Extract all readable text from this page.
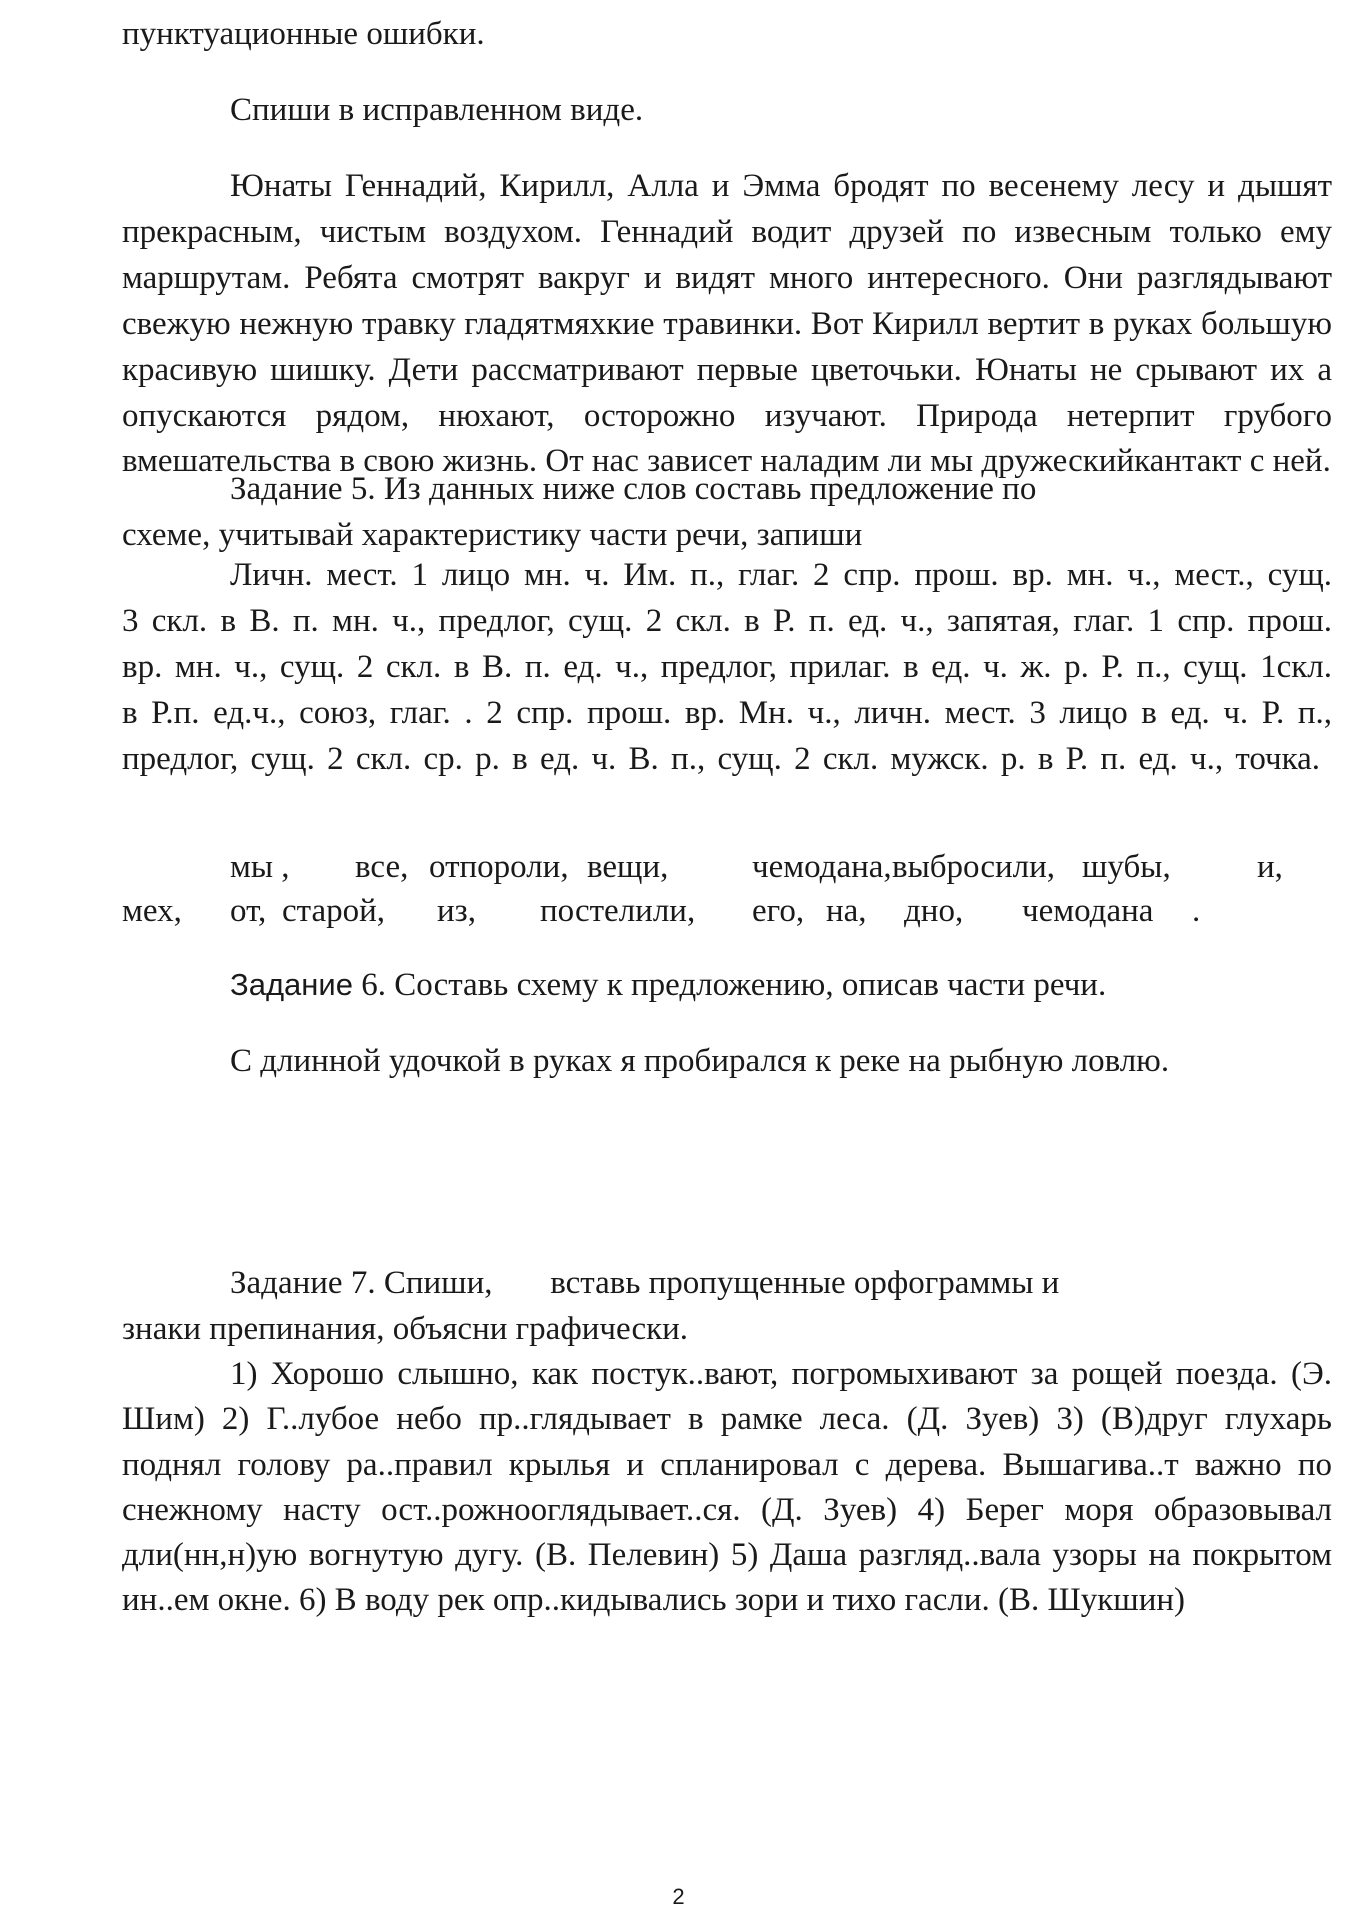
пунктуационные ошибки.
Спиши в исправленном виде.
Юнаты Геннадий, Кирилл, Алла и Эмма бродят по весенему лесу и дышят прекрасным, чистым воздухом. Геннадий водит друзей по извесным только ему маршрутам. Ребята смотрят вакруг и видят много интересного. Они разглядывают свежую нежную травку гладятмяхкие травинки. Вот Кирилл вертит в руках большую красивую шишку. Дети рассматривают первые цветочьки. Юнаты не срывают их а опускаются рядом, нюхают, осторожно изучают. Природа нетерпит грубого вмешательства в свою жизнь. От нас зависет наладим ли мы дружескийкантакт с ней.
Задание 5. Из данных ниже слов составь предложение по схеме, учитывай характеристику части речи, запиши
Личн. мест. 1 лицо мн. ч. Им. п., глаг. 2 спр. прош. вр. мн. ч., мест., сущ. 3 скл. в В. п. мн. ч., предлог, сущ. 2 скл. в Р. п. ед. ч., запятая, глаг. 1 спр. прош. вр. мн. ч., сущ. 2 скл. в В. п. ед. ч., предлог, прилаг. в ед. ч. ж. р. Р. п., сущ. 1скл. в Р.п. ед.ч., союз, глаг. . 2 спр. прош. вр. Мн. ч., личн. мест. 3 лицо в ед. ч. Р. п., предлог, сущ. 2 скл. ср. р. в ед. ч. В. п., сущ. 2 скл. мужск. р. в Р. п. ед. ч., точка.
мы , все, отпороли, вещи,	чемодана, выбросили, шубы,	и,
мех, от, старой, из, постелили, его, на, дно, чемодана .
Задание 6. Составь схему к предложению, описав части речи.
С длинной удочкой в руках я пробирался к реке на рыбную ловлю.
Задание 7. Спиши,       вставь пропущенные орфограммы и знаки препинания, объясни графически.
1) Хорошо слышно, как постук..вают, погромыхивают за рощей поезда. (Э. Шим) 2) Г..лубое небо пр..глядывает в рамке леса. (Д. Зуев) 3) (В)друг глухарь поднял голову ра..правил крылья и спланировал с дерева. Вышагива..т важно по снежному насту ост..рожнооглядывает..ся. (Д. Зуев) 4) Берег моря образовывал дли(нн,н)ую вогнутую дугу. (В. Пелевин) 5) Даша разгляд..вала узоры на покрытом ин..ем окне. 6) В воду рек опр..кидывались зори и тихо гасли. (В. Шукшин)
2
